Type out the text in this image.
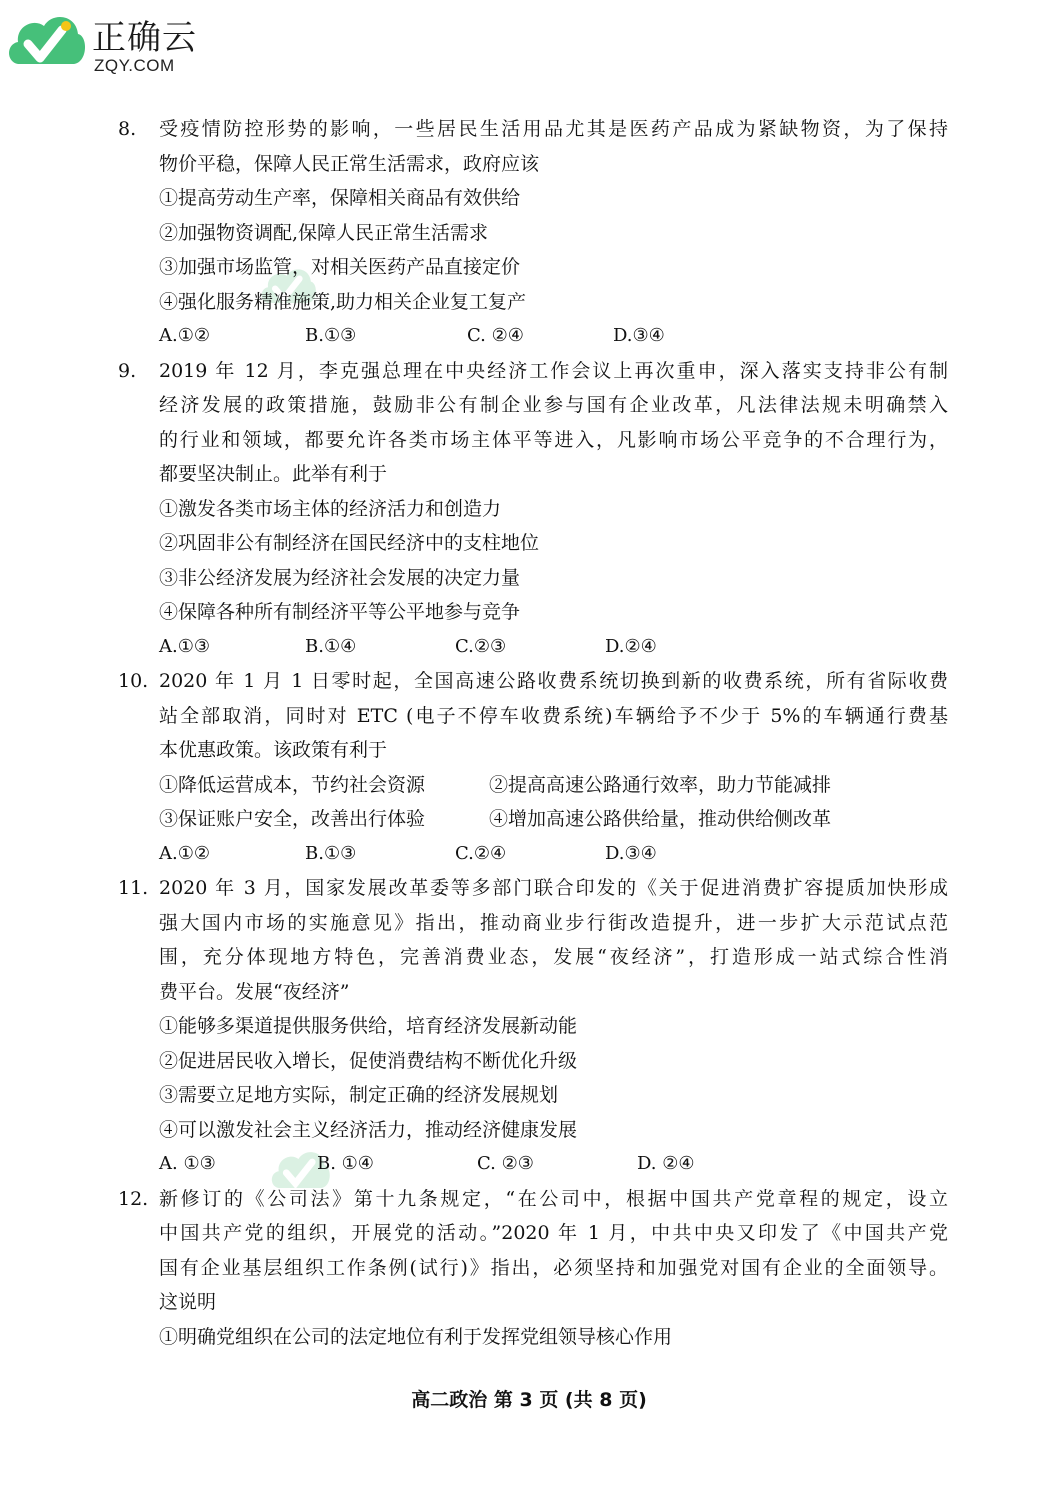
正确云
ZQY.COM
8. 受疫情防控形势的影响，一些居民生活用品尤其是医药产品成为紧缺物资，为了保持
物价平稳，保障人民正常生活需求，政府应该
①提高劳动生产率，保障相关商品有效供给
②加强物资调配,保障人民正常生活需求
③加强市场监管，对相关医药产品直接定价
④强化服务精准施策,助力相关企业复工复产
A.①②	B.①③	C. ②④	D.③④
9. 2019 年 12 月，李克强总理在中央经济工作会议上再次重申，深入落实支持非公有制
经济发展的政策措施，鼓励非公有制企业参与国有企业改革，凡法律法规未明确禁入
的行业和领域，都要允许各类市场主体平等进入，凡影响市场公平竞争的不合理行为，
都要坚决制止。此举有利于
①激发各类市场主体的经济活力和创造力
②巩固非公有制经济在国民经济中的支柱地位
③非公经济发展为经济社会发展的决定力量
④保障各种所有制经济平等公平地参与竞争
A.①③	B.①④	C.②③	D.②④
10. 2020 年 1 月 1 日零时起，全国高速公路收费系统切换到新的收费系统，所有省际收费
站全部取消，同时对 ETC (电子不停车收费系统)车辆给予不少于 5%的车辆通行费基
本优惠政策。该政策有利于
①降低运营成本，节约社会资源	②提高高速公路通行效率，助力节能减排
③保证账户安全，改善出行体验	④增加高速公路供给量，推动供给侧改革
A.①②	B.①③	C.②④	D.③④
11. 2020 年 3 月，国家发展改革委等多部门联合印发的《关于促进消费扩容提质加快形成
强大国内市场的实施意见》指出，推动商业步行街改造提升，进一步扩大示范试点范
围，充分体现地方特色，完善消费业态，发展“夜经济”，打造形成一站式综合性消
费平台。发展“夜经济”
①能够多渠道提供服务供给，培育经济发展新动能
②促进居民收入增长，促使消费结构不断优化升级
③需要立足地方实际，制定正确的经济发展规划
④可以激发社会主义经济活力，推动经济健康发展
A. ①③	B. ①④	C. ②③	D. ②④
12. 新修订的《公司法》第十九条规定，“在公司中，根据中国共产党章程的规定，设立
中国共产党的组织，开展党的活动。”2020 年 1 月，中共中央又印发了《中国共产党
国有企业基层组织工作条例(试行)》指出，必须坚持和加强党对国有企业的全面领导。
这说明
①明确党组织在公司的法定地位有利于发挥党组领导核心作用
高二政治 第 3 页 (共 8 页)
